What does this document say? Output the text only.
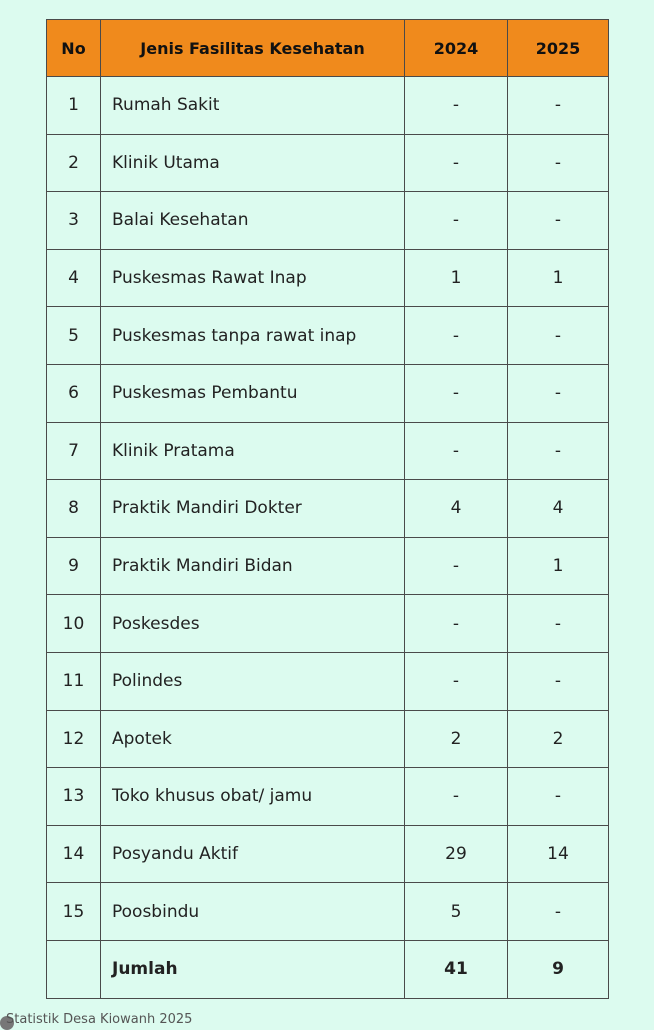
No	Jenis Fasilitas Kesehatan	2024	2025
1	Rumah Sakit	-	-
2	Klinik Utama	-	-
3	Balai Kesehatan	-	-
4	Puskesmas Rawat Inap	1	1
5	Puskesmas tanpa rawat inap	-	-
6	Puskesmas Pembantu	-	-
7	Klinik Pratama	-	-
8	Praktik Mandiri Dokter	4	4
9	Praktik Mandiri Bidan	-	1
10	Poskesdes	-	-
11	Polindes	-	-
12	Apotek	2	2
13	Toko khusus obat/ jamu	-	-
14	Posyandu Aktif	29	14
15	Poosbindu	5	-
	Jumlah	41	9
Statistik Desa Kiowanh 2025
